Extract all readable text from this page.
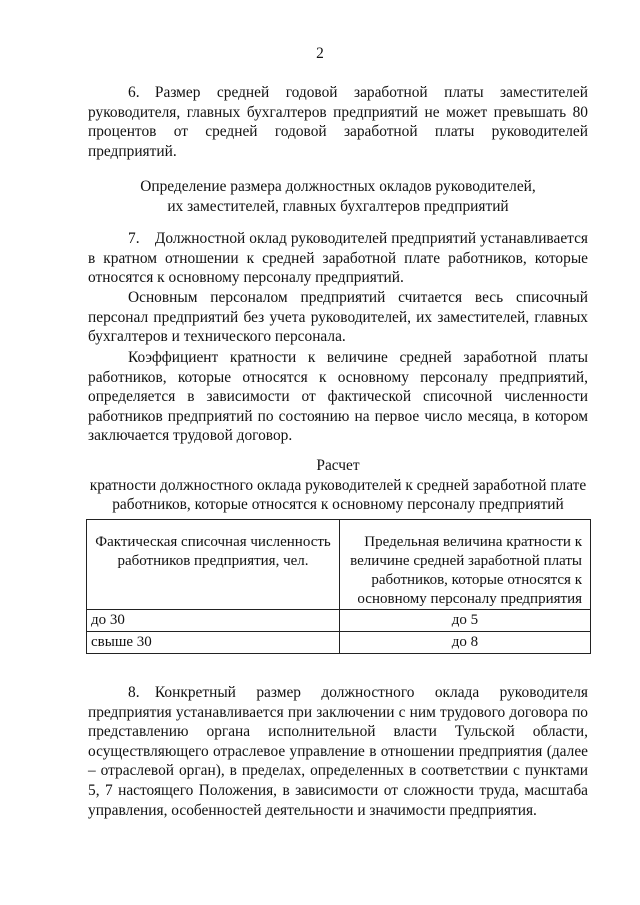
2

6. Размер средней годовой заработной платы заместителей руководителя, главных бухгалтеров предприятий не может превышать 80 процентов от средней годовой заработной платы руководителей предприятий.

Определение размера должностных окладов руководителей,
их заместителей, главных бухгалтеров предприятий

7. Должностной оклад руководителей предприятий устанавливается в кратном отношении к средней заработной плате работников, которые относятся к основному персоналу предприятий.

Основным персоналом предприятий считается весь списочный персонал предприятий без учета руководителей, их заместителей, главных бухгалтеров и технического персонала.

Коэффициент кратности к величине средней заработной платы работников, которые относятся к основному персоналу предприятий, определяется в зависимости от фактической списочной численности работников предприятий по состоянию на первое число месяца, в котором заключается трудовой договор.

Расчет
кратности должностного оклада руководителей к средней заработной плате
работников, которые относятся к основному персоналу предприятий
Фактическая списочная численность работников предприятия, чел.	Предельная величина кратности к величине средней заработной платы работников, которые относятся к основному персоналу предприятия
до 30	до 5
свыше 30	до 8

8. Конкретный размер должностного оклада руководителя предприятия устанавливается при заключении с ним трудового договора по представлению органа исполнительной власти Тульской области, осуществляющего отраслевое управление в отношении предприятия (далее – отраслевой орган), в пределах, определенных в соответствии с пунктами 5, 7 настоящего Положения, в зависимости от сложности труда, масштаба управления, особенностей деятельности и значимости предприятия.
